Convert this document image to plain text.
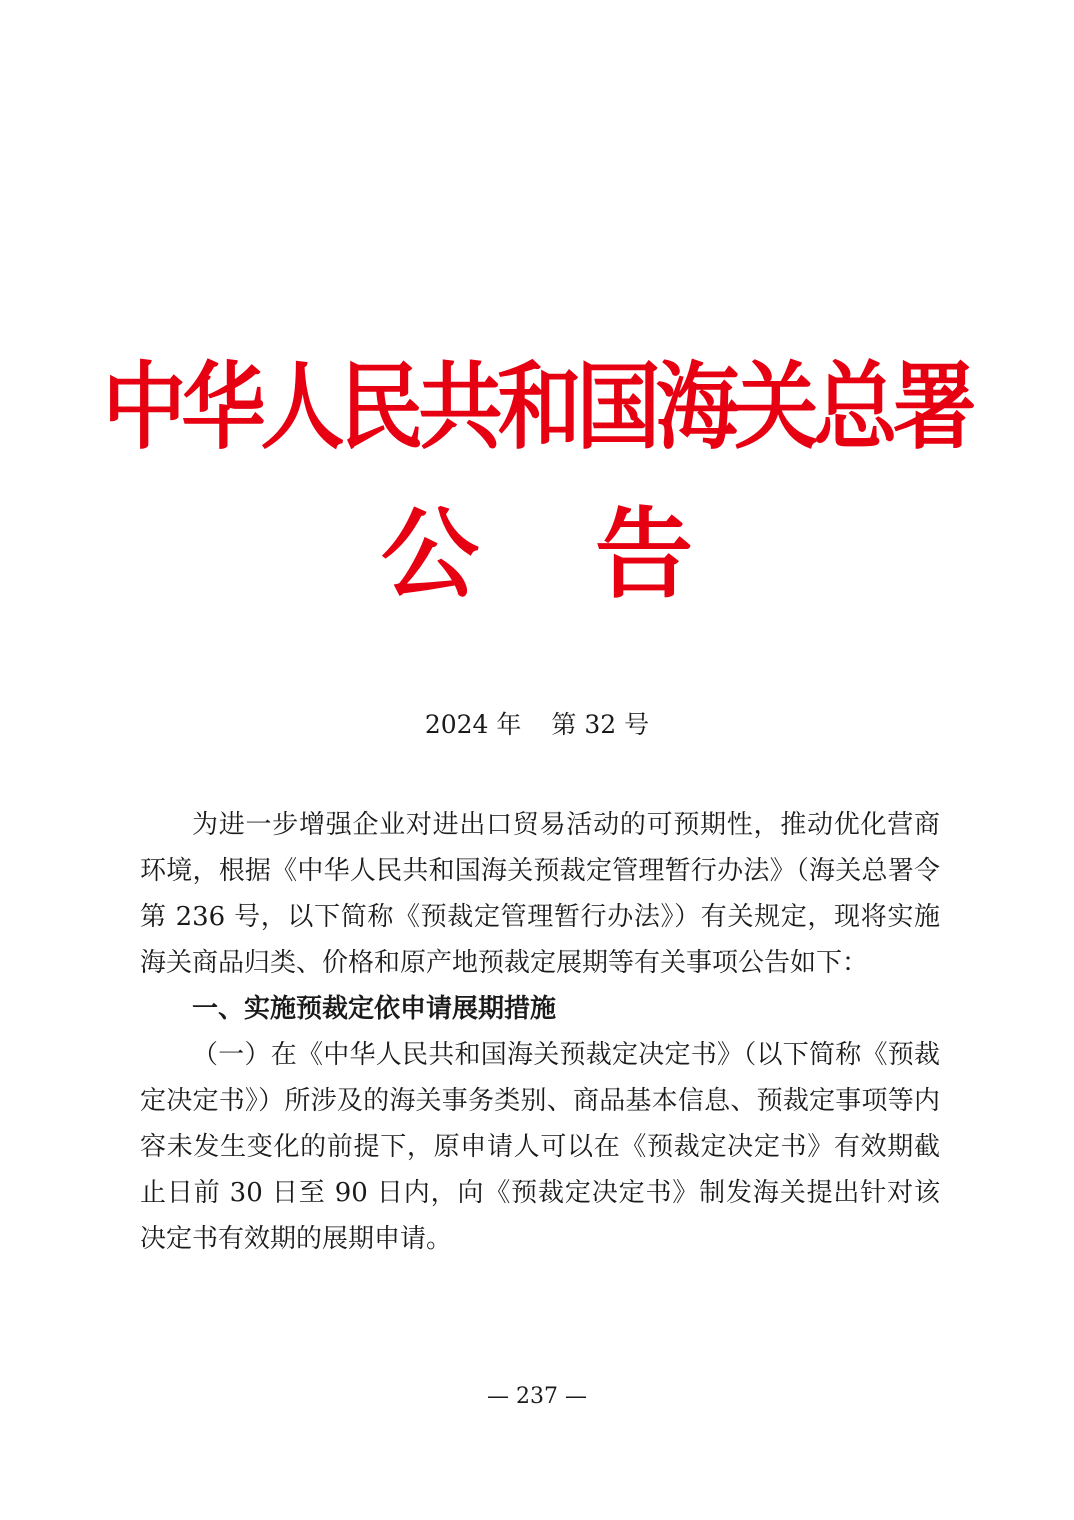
中华人民共和国海关总署
公 告
2024 年 第 32 号

为进一步增强企业对进出口贸易活动的可预期性，推动优化营商环境，根据《中华人民共和国海关预裁定管理暂行办法》（海关总署令第 236 号，以下简称《预裁定管理暂行办法》）有关规定，现将实施海关商品归类、价格和原产地预裁定展期等有关事项公告如下：

一、实施预裁定依申请展期措施

（一）在《中华人民共和国海关预裁定决定书》（以下简称《预裁定决定书》）所涉及的海关事务类别、商品基本信息、预裁定事项等内容未发生变化的前提下，原申请人可以在《预裁定决定书》有效期截止日前 30 日至 90 日内，向《预裁定决定书》制发海关提出针对该决定书有效期的展期申请。

— 237 —
